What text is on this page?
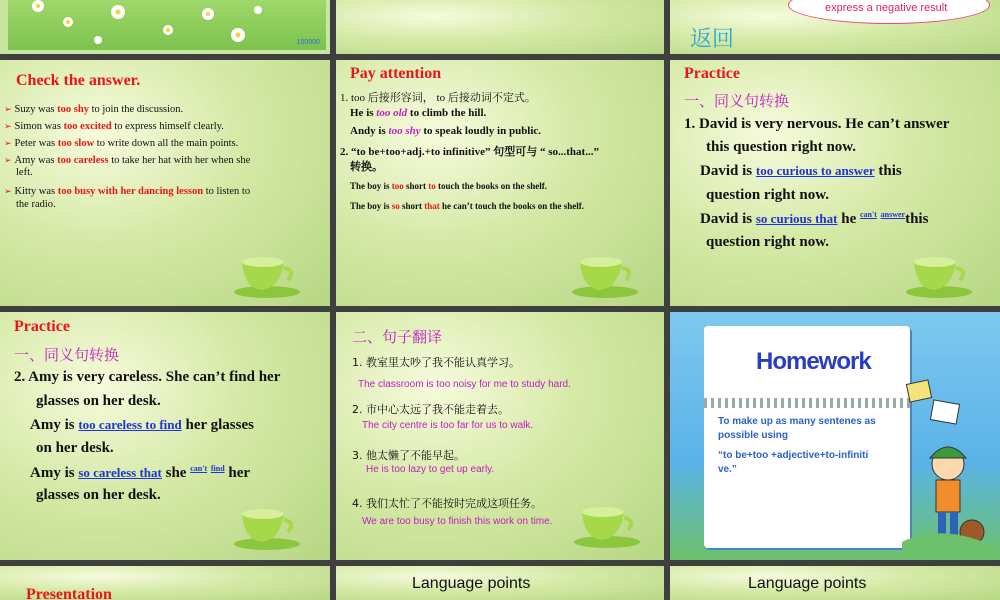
100000
express a negative result
返回
Check the answer.
➢ Suzy was too shy to join the discussion.
➢ Simon was too excited to express himself clearly.
➢ Peter was too slow to write down all the main points.
➢ Amy was too careless to take her hat with her when she
left.
➢ Kitty was too busy with her dancing lesson to listen to
the radio.
Pay attention
1. too 后接形容词， to 后接动词不定式。
He is too old to climb the hill.
Andy is too shy to speak loudly in public.
2. “to be+too+adj.+to infinitive” 句型可与 “ so...that...”
转换。
The boy is too short to touch the books on the shelf.
The boy is so short that he can’t touch the books on the shelf.
Practice
一、同义句转换
1. David is very nervous. He can’t answer
this question right now.
David is too curious to answer this
question right now.
David is so curious that he $^{can't}$ $^{answer}$this
question right now.
Practice
一、同义句转换
2. Amy is very careless. She can’t find her
glasses on her desk.
Amy is too careless to find her glasses
on her desk.
Amy is so careless that she $^{can't}$ $^{find}$ her
glasses on her desk.
二、句子翻译
1. 教室里太吵了我不能认真学习。
The classroom is too noisy for me to study hard.
2. 市中心太远了我不能走着去。
The city centre is too far for us to walk.
3. 他太懒了不能早起。
He is too lazy to get up early.
4. 我们太忙了不能按时完成这项任务。
We are too busy to finish this work on time.
Homework
To make up as many sentenes as
possible using
“to be+too +adjective+to-infiniti
ve.”
Presentation
Language points	Language points
